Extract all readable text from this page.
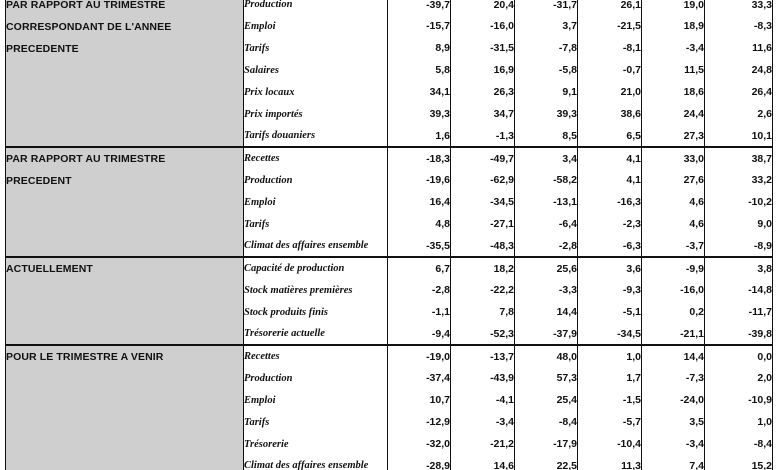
PAR RAPPORT AU TRIMESTRE
CORRESPONDANT DE L'ANNEE
PRECEDENTE	Production	-39,7	20,4	-31,7	26,1	19,0	33,3
	Emploi	-15,7	-16,0	3,7	-21,5	18,9	-8,3
	Tarifs	8,9	-31,5	-7,8	-8,1	-3,4	11,6
	Salaires	5,8	16,9	-5,8	-0,7	11,5	24,8
	Prix locaux	34,1	26,3	9,1	21,0	18,6	26,4
	Prix importés	39,3	34,7	39,3	38,6	24,4	2,6
	Tarifs douaniers	1,6	-1,3	8,5	6,5	27,3	10,1

PAR RAPPORT AU TRIMESTRE
PRECEDENT	Recettes	-18,3	-49,7	3,4	4,1	33,0	38,7
	Production	-19,6	-62,9	-58,2	4,1	27,6	33,2
	Emploi	16,4	-34,5	-13,1	-16,3	4,6	-10,2
	Tarifs	4,8	-27,1	-6,4	-2,3	4,6	9,0
	Climat des affaires ensemble	-35,5	-48,3	-2,8	-6,3	-3,7	-8,9

ACTUELLEMENT	Capacité de production	6,7	18,2	25,6	3,6	-9,9	3,8
	Stock matières premières	-2,8	-22,2	-3,3	-9,3	-16,0	-14,8
	Stock produits finis	-1,1	7,8	14,4	-5,1	0,2	-11,7
	Trésorerie actuelle	-9,4	-52,3	-37,9	-34,5	-21,1	-39,8

POUR LE TRIMESTRE A VENIR	Recettes	-19,0	-13,7	48,0	1,0	14,4	0,0
	Production	-37,4	-43,9	57,3	1,7	-7,3	2,0
	Emploi	10,7	-4,1	25,4	-1,5	-24,0	-10,9
	Tarifs	-12,9	-3,4	-8,4	-5,7	3,5	1,0
	Trésorerie	-32,0	-21,2	-17,9	-10,4	-3,4	-8,4
	Climat des affaires ensemble	-28,9	14,6	22,5	11,3	7,4	15,2
